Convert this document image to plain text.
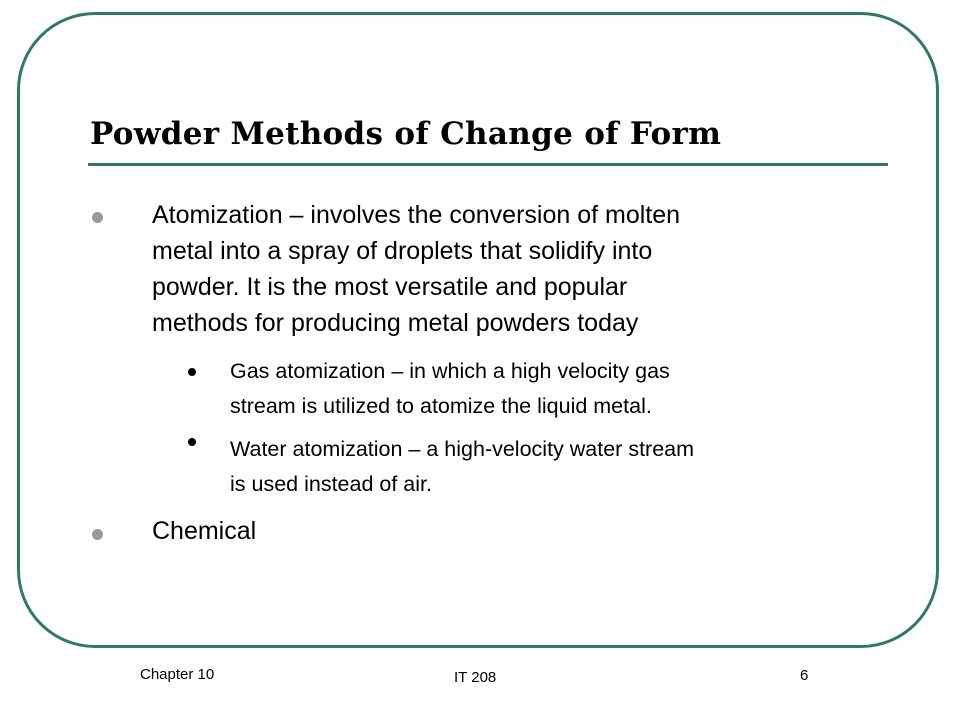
Powder Methods of Change of Form
Atomization – involves the conversion of molten
metal into a spray of droplets that solidify into
powder. It is the most versatile and popular
methods for producing metal powders today
Gas atomization – in which a high velocity gas
stream is utilized to atomize the liquid metal.
Water atomization – a high-velocity water stream
is used instead of air.
Chemical
Chapter 10	IT 208	6
